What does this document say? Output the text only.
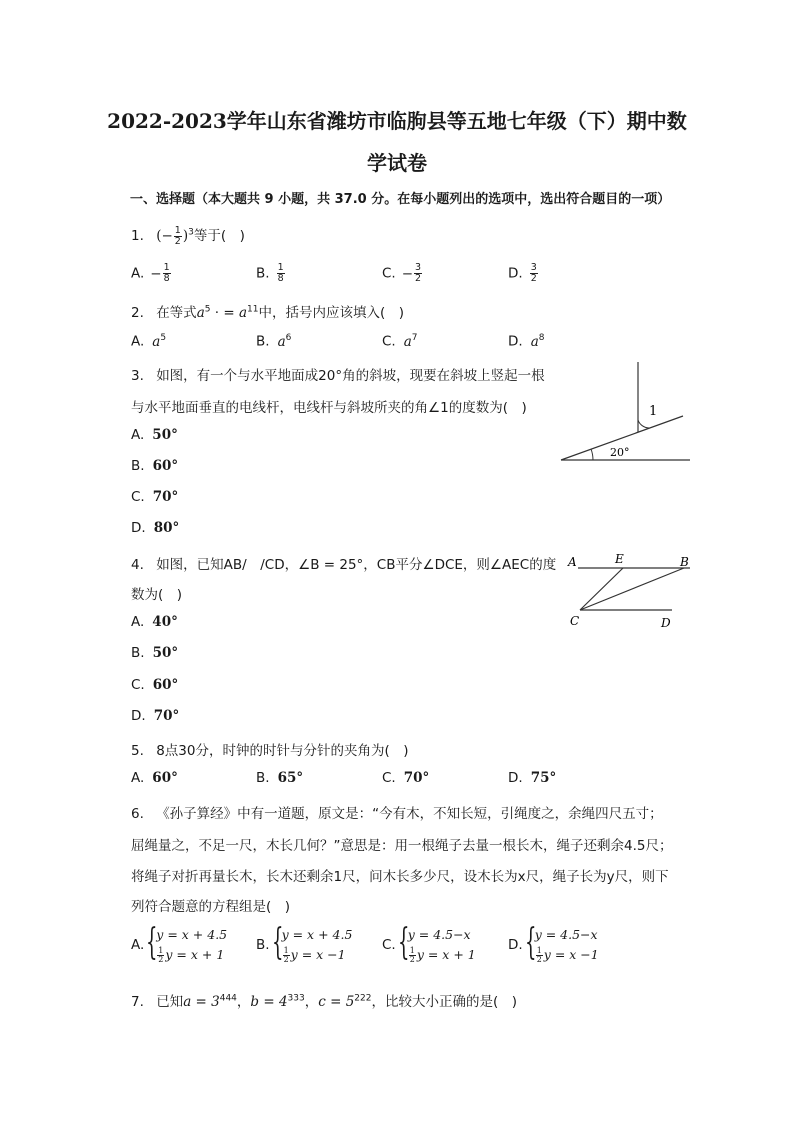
2022-2023学年山东省潍坊市临朐县等五地七年级（下）期中数
学试卷
一、选择题（本大题共 9 小题，共 37.0 分。在每小题列出的选项中，选出符合题目的一项）
1. (− $\frac{1}{2} )^3$等于(　)
A. − $\frac{1}{8}$	B. $\frac{1}{8}$	C. − $\frac{3}{2}$	D. $\frac{3}{2}$
2. 在等式$a^5$ · = $a^{11}$中，括号内应该填入(　)
A. $a^5$	B. $a^6$	C. $a^7$	D. $a^8$
3. 如图，有一个与水平地面成20°角的斜坡，现要在斜坡上竖起一根
与水平地面垂直的电线杆，电线杆与斜坡所夹的角∠1的度数为(　)
A. 50°
B. 60°
C. 70°
D. 80°
1
20°
4. 如图，已知AB/　/CD，∠B = 25°，CB平分∠DCE，则∠AEC的度
数为(　)
A. 40°
B. 50°
C. 60°
D. 70°
A	E	B
C	D
5. 8点30分，时钟的时针与分针的夹角为(　)
A. 60°	B. 65°	C. 70°	D. 75°
6. 《孙子算经》中有一道题，原文是：“今有木，不知长短，引绳度之，余绳四尺五寸；
屈绳量之，不足一尺，木长几何？”意思是：用一根绳子去量一根长木，绳子还剩余4.5尺；
将绳子对折再量长木，长木还剩余1尺，问木长多少尺，设木长为x尺，绳子长为y尺，则下
列符合题意的方程组是(　)
A. {
y = x + 4.5
$\frac{1}{2}$ y = x + 1
B. {
y = x + 4.5
$\frac{1}{2}$ y = x −1
C. {
y = 4.5−x
$\frac{1}{2}$ y = x + 1
D. {
y = 4.5−x
$\frac{1}{2}$ y = x −1
7. 已知$a = 3^{444}$，$b = 4^{333}$，$c = 5^{222}$，比较大小正确的是(　)
